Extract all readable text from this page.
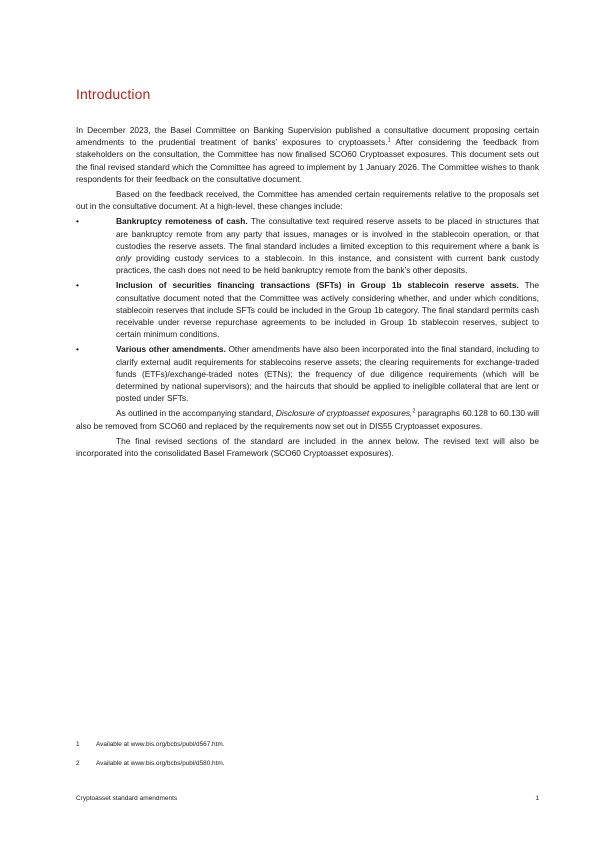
Introduction

In December 2023, the Basel Committee on Banking Supervision published a consultative document proposing certain amendments to the prudential treatment of banks’ exposures to cryptoassets.$^1$ After considering the feedback from stakeholders on the consultation, the Committee has now finalised SCO60 Cryptoasset exposures. This document sets out the final revised standard which the Committee has agreed to implement by 1 January 2026. The Committee wishes to thank respondents for their feedback on the consultative document.

Based on the feedback received, the Committee has amended certain requirements relative to the proposals set out in the consultative document. At a high-level, these changes include:

•	Bankruptcy remoteness of cash. The consultative text required reserve assets to be placed in structures that are bankruptcy remote from any party that issues, manages or is involved in the stablecoin operation, or that custodies the reserve assets. The final standard includes a limited exception to this requirement where a bank is only providing custody services to a stablecoin. In this instance, and consistent with current bank custody practices, the cash does not need to be held bankruptcy remote from the bank’s other deposits.

•	Inclusion of securities financing transactions (SFTs) in Group 1b stablecoin reserve assets. The consultative document noted that the Committee was actively considering whether, and under which conditions, stablecoin reserves that include SFTs could be included in the Group 1b category. The final standard permits cash receivable under reverse repurchase agreements to be included in Group 1b stablecoin reserves, subject to certain minimum conditions.

•	Various other amendments. Other amendments have also been incorporated into the final standard, including to clarify external audit requirements for stablecoins reserve assets; the clearing requirements for exchange-traded funds (ETFs)/exchange-traded notes (ETNs); the frequency of due diligence requirements (which will be determined by national supervisors); and the haircuts that should be applied to ineligible collateral that are lent or posted under SFTs.

As outlined in the accompanying standard, Disclosure of cryptoasset exposures,$^2$ paragraphs 60.128 to 60.130 will also be removed from SCO60 and replaced by the requirements now set out in DIS55 Cryptoasset exposures.

The final revised sections of the standard are included in the annex below. The revised text will also be incorporated into the consolidated Basel Framework (SCO60 Cryptoasset exposures).

1	Available at www.bis.org/bcbs/publ/d567.htm.
2	Available at www.bis.org/bcbs/publ/d580.htm.
Cryptoasset standard amendments	1
